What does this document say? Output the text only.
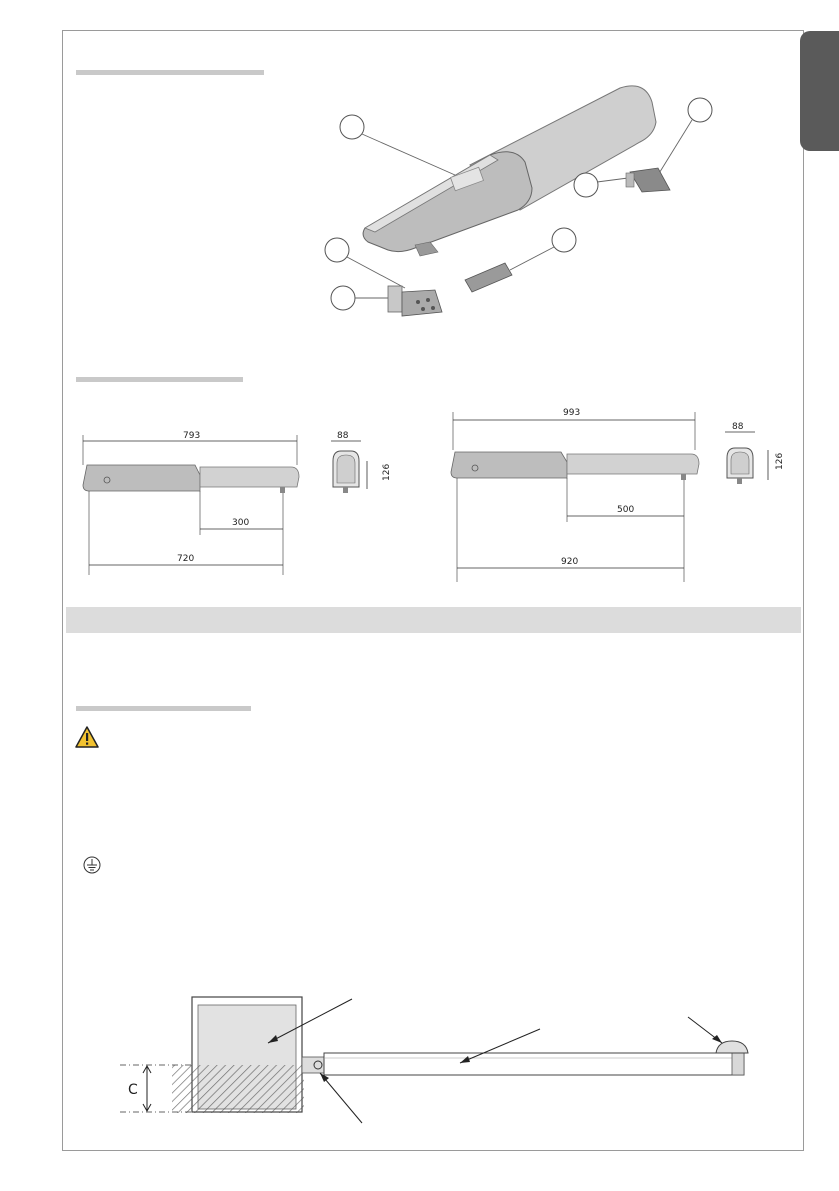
793
300
720
88
126
993
500
920
88
126
C
